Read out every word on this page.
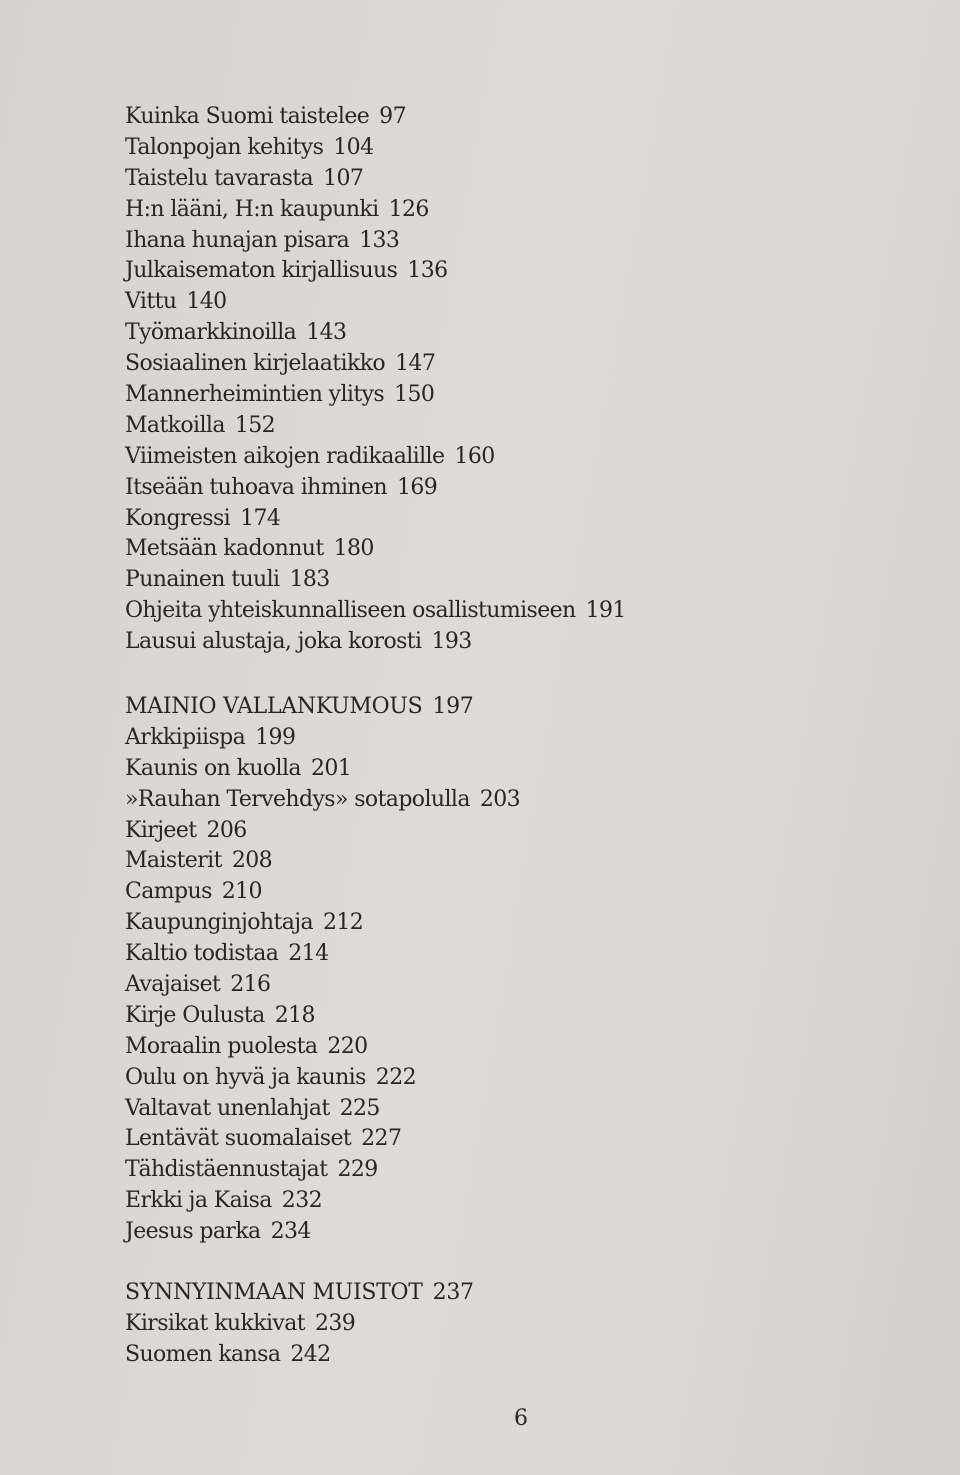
Kuinka Suomi taistelee 97
Talonpojan kehitys 104
Taistelu tavarasta 107
H:n lääni, H:n kaupunki 126
Ihana hunajan pisara 133
Julkaisematon kirjallisuus 136
Vittu 140
Työmarkkinoilla 143
Sosiaalinen kirjelaatikko 147
Mannerheimintien ylitys 150
Matkoilla 152
Viimeisten aikojen radikaalille 160
Itseään tuhoava ihminen 169
Kongressi 174
Metsään kadonnut 180
Punainen tuuli 183
Ohjeita yhteiskunnalliseen osallistumiseen 191
Lausui alustaja, joka korosti 193
MAINIO VALLANKUMOUS 197
Arkkipiispa 199
Kaunis on kuolla 201
»Rauhan Tervehdys» sotapolulla 203
Kirjeet 206
Maisterit 208
Campus 210
Kaupunginjohtaja 212
Kaltio todistaa 214
Avajaiset 216
Kirje Oulusta 218
Moraalin puolesta 220
Oulu on hyvä ja kaunis 222
Valtavat unenlahjat 225
Lentävät suomalaiset 227
Tähdistäennustajat 229
Erkki ja Kaisa 232
Jeesus parka 234
SYNNYINMAAN MUISTOT 237
Kirsikat kukkivat 239
Suomen kansa 242
6
